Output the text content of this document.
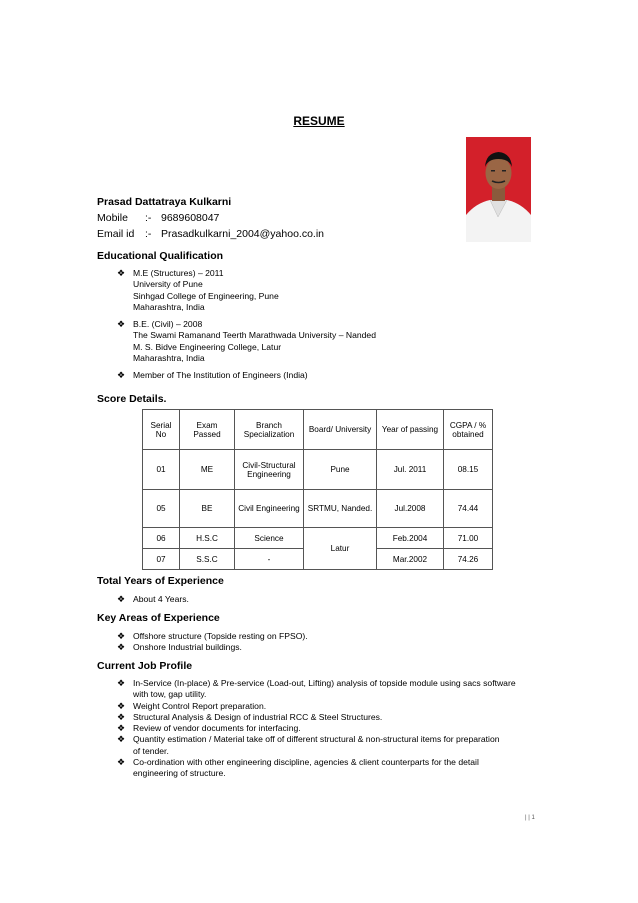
RESUME
Prasad Dattatraya Kulkarni
Mobile :- 9689608047
Email id :- Prasadkulkarni_2004@yahoo.co.in
Educational Qualification
❖ M.E (Structures) – 2011
University of Pune
Sinhgad College of Engineering, Pune
Maharashtra, India
❖ B.E. (Civil) – 2008
The Swami Ramanand Teerth Marathwada University – Nanded
M. S. Bidve Engineering College, Latur
Maharashtra, India
❖ Member of The Institution of Engineers (India)
Score Details.
Serial No	Exam Passed	Branch Specialization	Board/ University	Year of passing	CGPA / % obtained
01	ME	Civil-Structural Engineering	Pune	Jul. 2011	08.15
05	BE	Civil Engineering	SRTMU, Nanded.	Jul.2008	74.44
06	H.S.C	Science	Latur	Feb.2004	71.00
07	S.S.C	-		Mar.2002	74.26
Total Years of Experience
❖ About 4 Years.
Key Areas of Experience
❖ Offshore structure (Topside resting on FPSO).
❖ Onshore Industrial buildings.
Current Job Profile
❖ In-Service (In-place) & Pre-service (Load-out, Lifting) analysis of topside module using sacs software
with tow, gap utility.
❖ Weight Control Report preparation.
❖ Structural Analysis & Design of industrial RCC & Steel Structures.
❖ Review of vendor documents for interfacing.
❖ Quantity estimation / Material take off of different structural & non-structural items for preparation
of tender.
❖ Co-ordination with other engineering discipline, agencies & client counterparts for the detail
engineering of structure.
| | 1
